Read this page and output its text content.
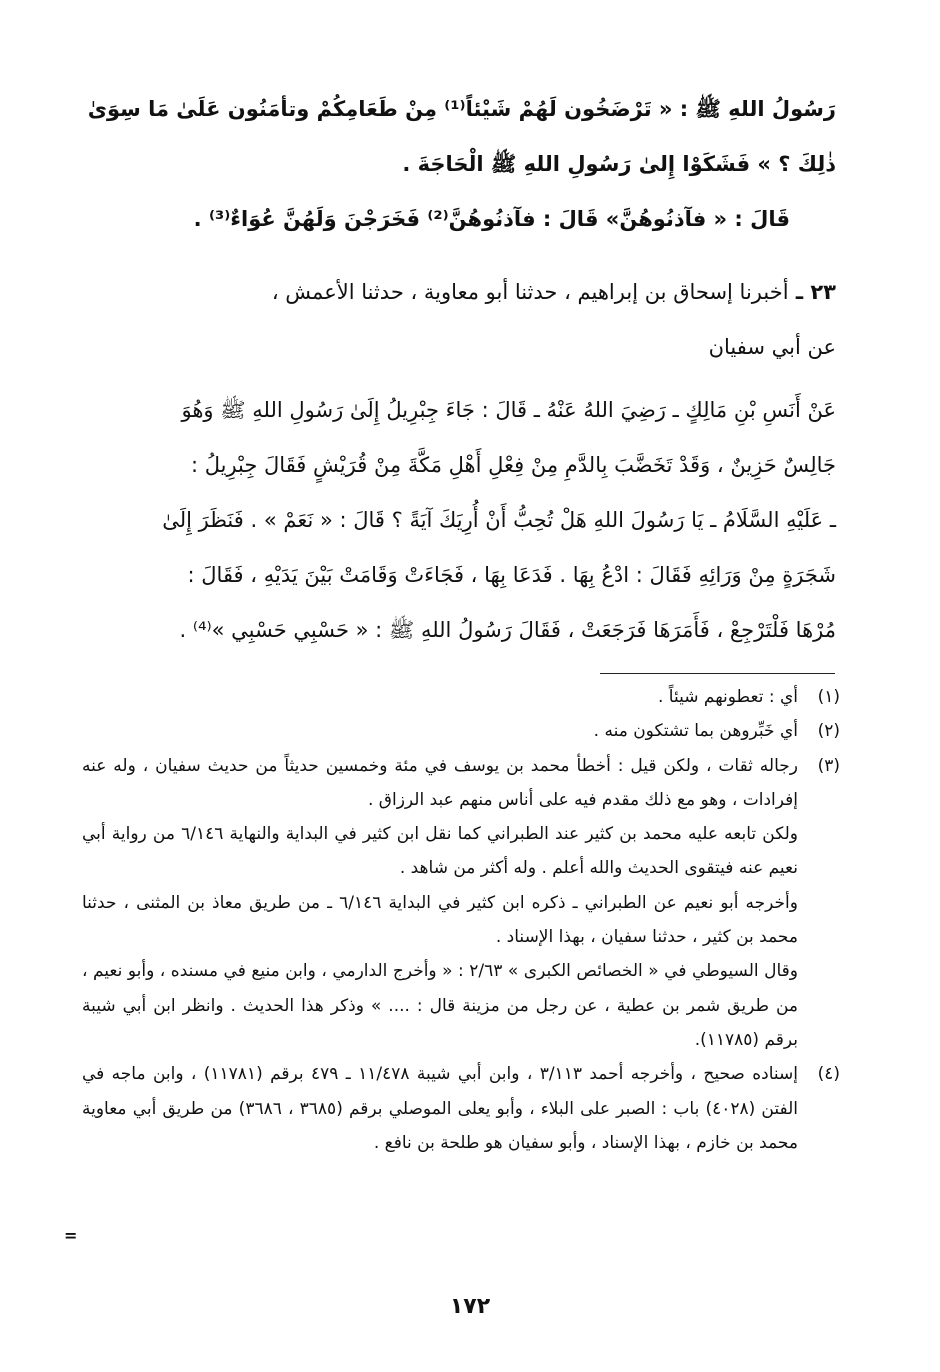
رَسُولُ اللهِ ﷺ : « تَرْضَخُون لَهُمْ شَيْئاً⁽¹⁾ مِنْ طَعَامِكُمْ وتأمَنُون عَلَىٰ مَا سِوَىٰ

ذٰلِكَ ؟ » فَشَكَوْا إِلىٰ رَسُولِ اللهِ ﷺ الْحَاجَةَ .

قَالَ : « فآذنُوهُنَّ» قَالَ : فآذنُوهُنَّ⁽²⁾ فَخَرَجْنَ وَلَهُنَّ عُوَاءٌ⁽³⁾ .

٢٣ ـ أخبرنا إسحاق بن إبراهيم ، حدثنا أبو معاوية ، حدثنا الأعمش ،

عن أبي سفيان

عَنْ أَنَسِ بْنِ مَالِكٍ ـ رَضِيَ اللهُ عَنْهُ ـ قَالَ : جَاءَ جِبْرِيلُ إِلَىٰ رَسُولِ اللهِ ﷺ وَهُوَ

جَالِسٌ حَزِينٌ ، وَقَدْ تَخَضَّبَ بِالدَّمِ مِنْ فِعْلِ أَهْلِ مَكَّةَ مِنْ قُرَيْشٍ فَقَالَ جِبْرِيلُ :

ـ عَلَيْهِ السَّلَامُ ـ يَا رَسُولَ اللهِ هَلْ تُحِبُّ أَنْ أُرِيَكَ آيَةً ؟ قَالَ : « نَعَمْ » . فَنَظَرَ إِلَىٰ

شَجَرَةٍ مِنْ وَرَائِهِ فَقَالَ : ادْعُ بِهَا . فَدَعَا بِهَا ، فَجَاءَتْ وَقَامَتْ بَيْنَ يَدَيْهِ ، فَقَالَ :

مُرْهَا فَلْتَرْجِعْ ، فَأَمَرَهَا فَرَجَعَتْ ، فَقَالَ رَسُولُ اللهِ ﷺ : « حَسْبِي حَسْبِي »⁽⁴⁾ .

(١)

أي : تعطونهم شيئاً .

(٢)

أي خَبِّروهن بما تشتكون منه .

(٣)

رجاله ثقات ، ولكن قيل : أخطأ محمد بن يوسف في مئة وخمسين حديثاً من حديث سفيان ، وله عنه إفرادات ، وهو مع ذلك مقدم فيه على أناس منهم عبد الرزاق .

ولكن تابعه عليه محمد بن كثير عند الطبراني كما نقل ابن كثير في البداية والنهاية ٦/١٤٦ من رواية أبي نعيم عنه فيتقوى الحديث والله أعلم . وله أكثر من شاهد .

وأخرجه أبو نعيم عن الطبراني ـ ذكره ابن كثير في البداية ٦/١٤٦ ـ من طريق معاذ بن المثنى ، حدثنا محمد بن كثير ، حدثنا سفيان ، بهذا الإسناد .

وقال السيوطي في « الخصائص الكبرى » ٢/٦٣ : « وأخرج الدارمي ، وابن منيع في مسنده ، وأبو نعيم ، من طريق شمر بن عطية ، عن رجل من مزينة قال : .... » وذكر هذا الحديث . وانظر ابن أبي شيبة برقم (١١٧٨٥).

(٤)

إسناده صحيح ، وأخرجه أحمد ٣/١١٣ ، وابن أبي شيبة ١١/٤٧٨ ـ ٤٧٩ برقم (١١٧٨١) ، وابن ماجه في الفتن (٤٠٢٨) باب : الصبر على البلاء ، وأبو يعلى الموصلي برقم (٣٦٨٥ ، ٣٦٨٦) من طريق أبي معاوية محمد بن خازم ، بهذا الإسناد ، وأبو سفيان هو طلحة بن نافع .

=
١٧٢
